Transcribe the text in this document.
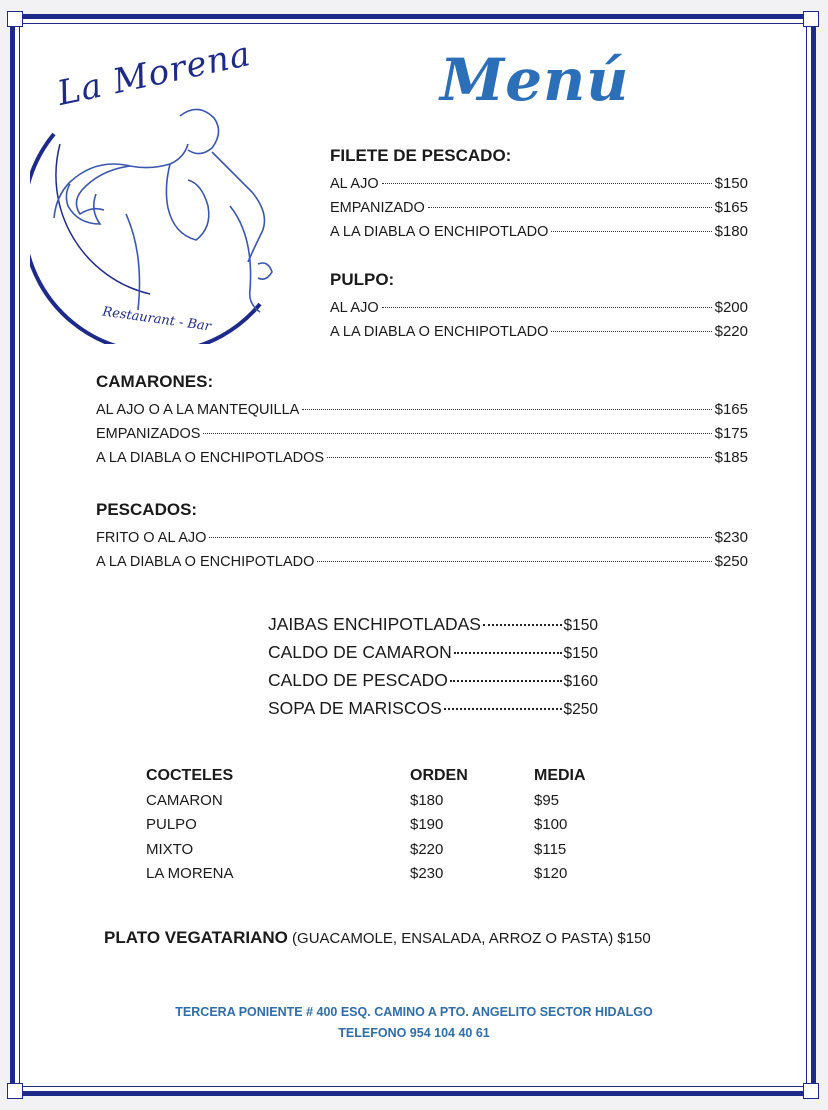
La Morena
Restaurant - Bar
Menú
FILETE DE PESCADO:
AL AJO	$150
EMPANIZADO	$165
A LA DIABLA O ENCHIPOTLADO	$180
PULPO:
AL AJO	$200
A LA DIABLA O ENCHIPOTLADO	$220
CAMARONES:
AL AJO O A LA MANTEQUILLA	$165
EMPANIZADOS	$175
A LA DIABLA O ENCHIPOTLADOS	$185
PESCADOS:
FRITO O AL AJO	$230
A LA DIABLA O ENCHIPOTLADO	$250
JAIBAS ENCHIPOTLADAS	$150
CALDO DE CAMARON	$150
CALDO DE PESCADO	$160
SOPA DE MARISCOS	$250
COCTELES	ORDEN	MEDIA
CAMARON	$180	$95
PULPO	$190	$100
MIXTO	$220	$115
LA MORENA	$230	$120
PLATO VEGATARIANO (GUACAMOLE, ENSALADA, ARROZ O PASTA) $150
TERCERA PONIENTE # 400 ESQ. CAMINO A PTO. ANGELITO SECTOR HIDALGO
TELEFONO 954 104 40 61
